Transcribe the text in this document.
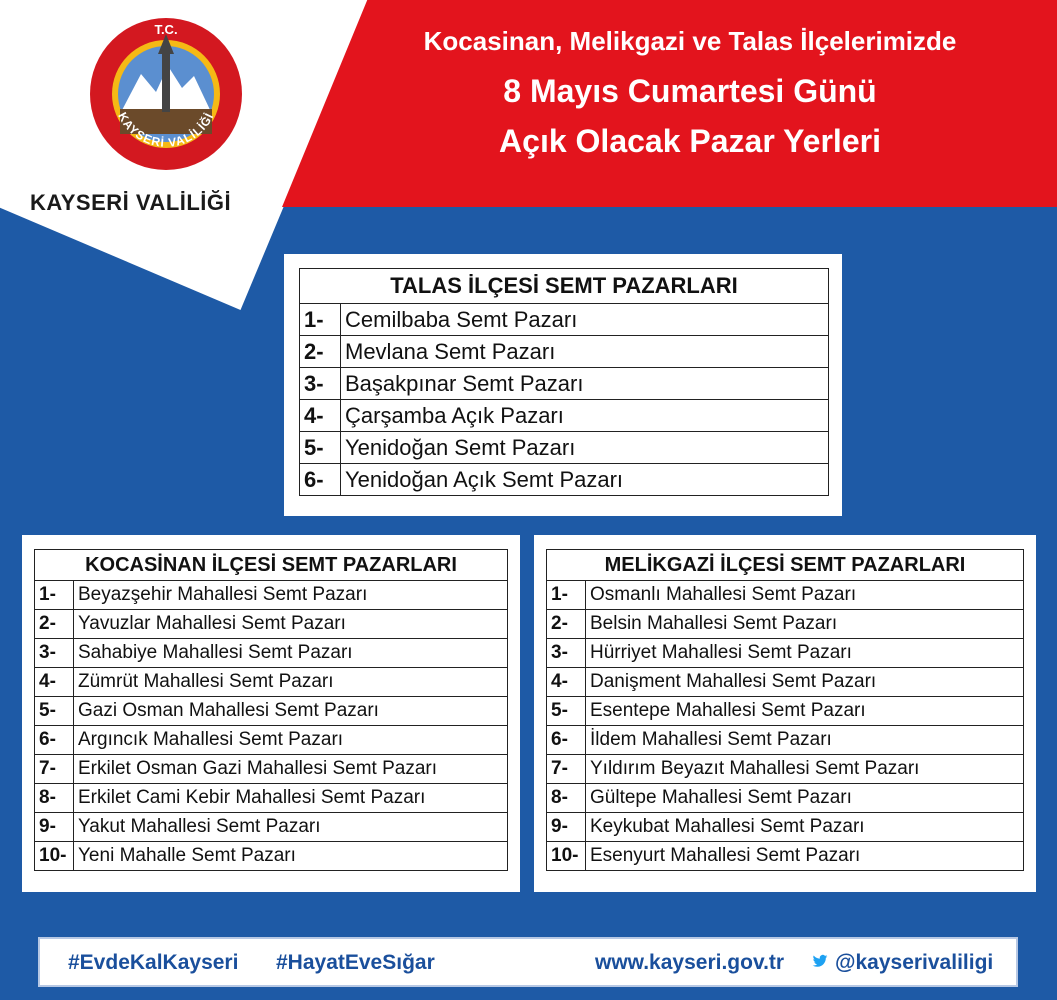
Kocasinan, Melikgazi ve Talas İlçelerimizde
8 Mayıs Cumartesi Günü
Açık Olacak Pazar Yerleri
T.C.
KAYSERİ VALİLİĞİ
KAYSERİ VALİLİĞİ
TALAS İLÇESİ SEMT PAZARLARI	
1-	Cemilbaba Semt Pazarı
2-	Mevlana Semt Pazarı
3-	Başakpınar Semt Pazarı
4-	Çarşamba Açık Pazarı
5-	Yenidoğan Semt Pazarı
6-	Yenidoğan Açık Semt Pazarı
KOCASİNAN İLÇESİ SEMT PAZARLARI	
1-	Beyazşehir Mahallesi Semt Pazarı
2-	Yavuzlar Mahallesi Semt Pazarı
3-	Sahabiye Mahallesi Semt Pazarı
4-	Zümrüt Mahallesi Semt Pazarı
5-	Gazi Osman Mahallesi Semt Pazarı
6-	Argıncık Mahallesi Semt Pazarı
7-	Erkilet Osman Gazi Mahallesi Semt Pazarı
8-	Erkilet Cami Kebir Mahallesi Semt Pazarı
9-	Yakut Mahallesi Semt Pazarı
10-	Yeni Mahalle Semt Pazarı
MELİKGAZİ İLÇESİ SEMT PAZARLARI	
1-	Osmanlı Mahallesi Semt Pazarı
2-	Belsin Mahallesi Semt Pazarı
3-	Hürriyet Mahallesi Semt Pazarı
4-	Danişment Mahallesi Semt Pazarı
5-	Esentepe Mahallesi Semt Pazarı
6-	İldem Mahallesi Semt Pazarı
7-	Yıldırım Beyazıt Mahallesi Semt Pazarı
8-	Gültepe Mahallesi Semt Pazarı
9-	Keykubat Mahallesi Semt Pazarı
10-	Esenyurt Mahallesi Semt Pazarı
#EvdeKalKayseri #HayatEveSığar	www.kayseri.gov.tr @kayserivaliligi
